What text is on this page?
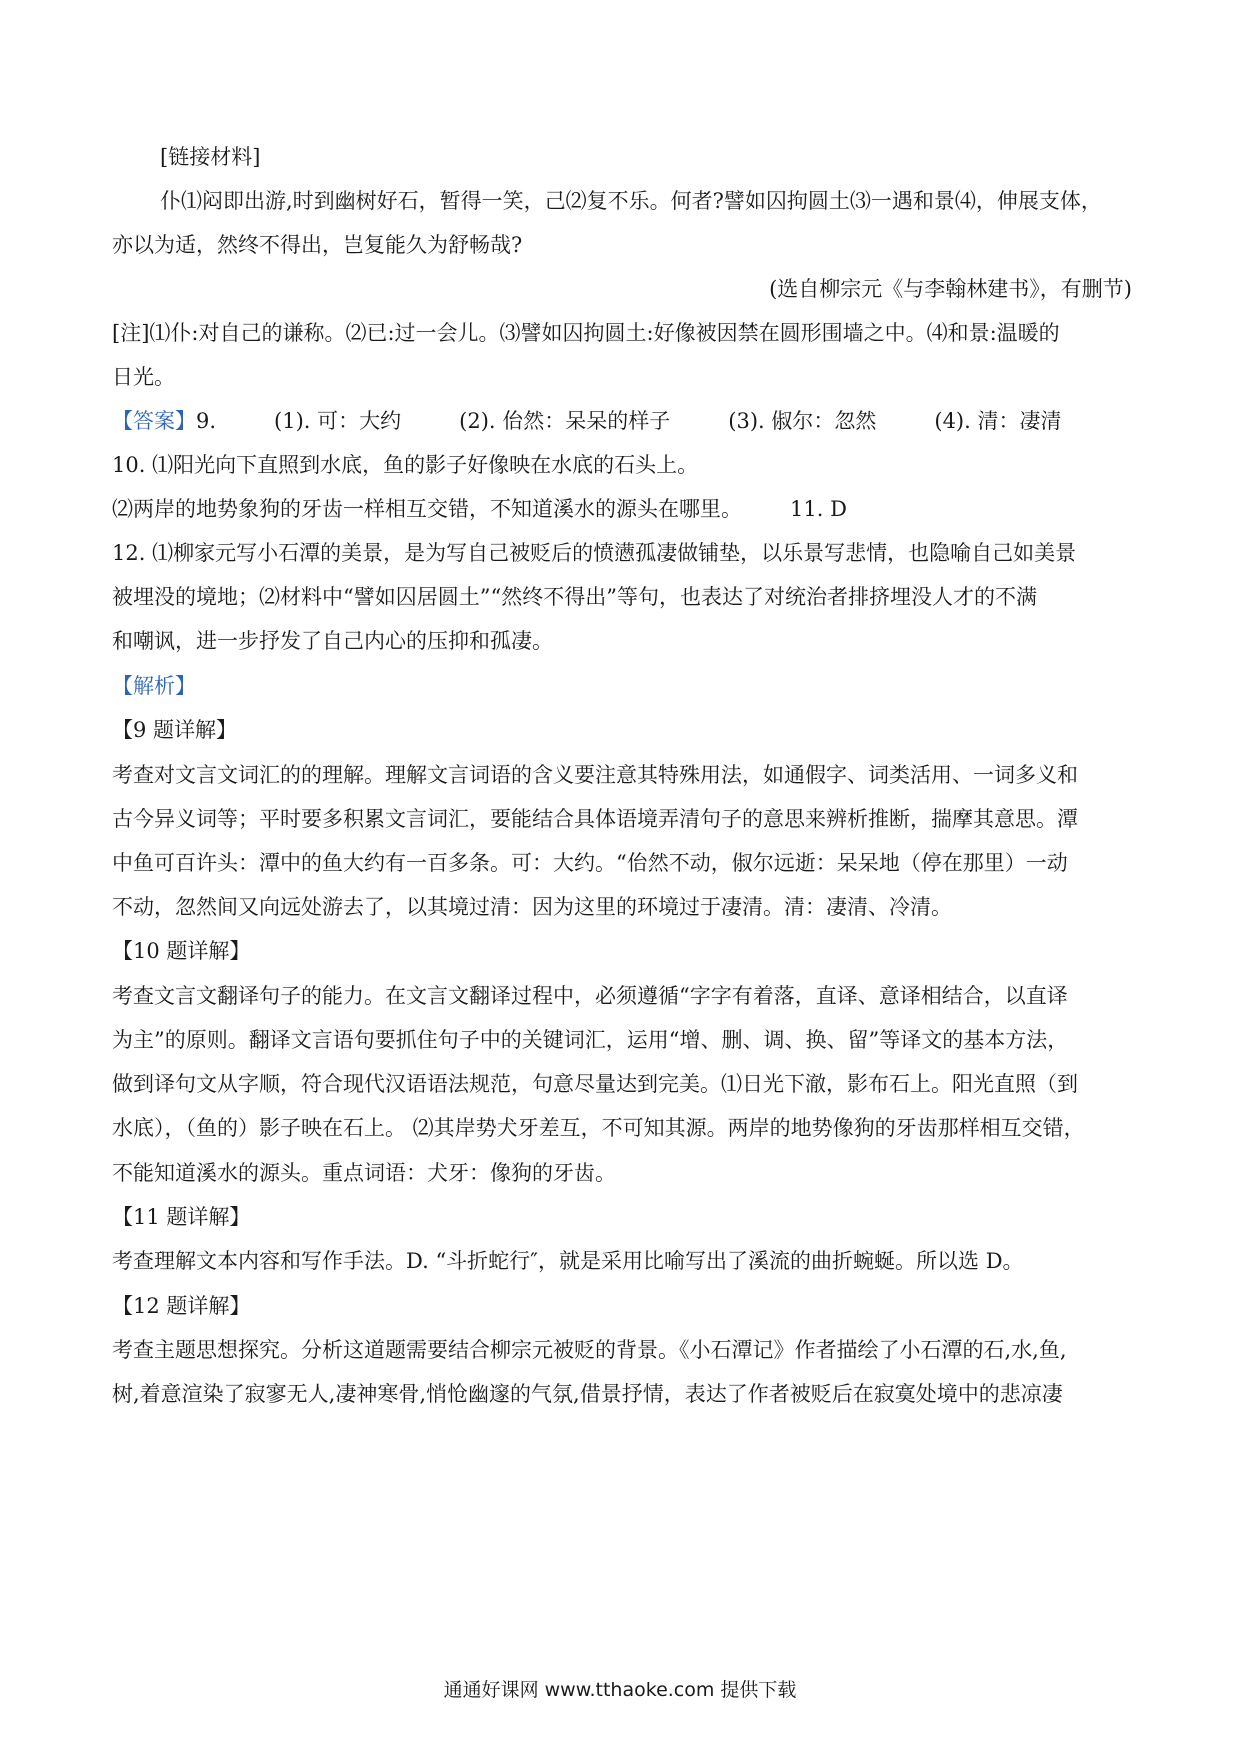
[链接材料]
仆⑴闷即出游,时到幽树好石，暂得一笑，己⑵复不乐。何者?譬如囚拘圆土⑶一遇和景⑷，伸展支体，
亦以为适，然终不得出，岂复能久为舒畅哉?
(选自柳宗元《与李翰林建书》，有删节)
[注]⑴仆:对自己的谦称。⑵已:过一会儿。⑶譬如囚拘圆土:好像被因禁在圆形围墙之中。⑷和景:温暖的
日光。
【答案】9.	(1). 可：大约	(2). 佁然：呆呆的样子	(3). 俶尔：忽然	(4). 清：凄清
10. ⑴阳光向下直照到水底，鱼的影子好像映在水底的石头上。
⑵两岸的地势象狗的牙齿一样相互交错，不知道溪水的源头在哪里。 11. D
12. ⑴柳家元写小石潭的美景，是为写自己被贬后的愤懑孤凄做铺垫，以乐景写悲情，也隐喻自己如美景
被埋没的境地；⑵材料中“譬如囚居圆土”“然终不得出”等句，也表达了对统治者排挤埋没人才的不满
和嘲讽，进一步抒发了自己内心的压抑和孤凄。
【解析】
【9 题详解】
考查对文言文词汇的的理解。理解文言词语的含义要注意其特殊用法，如通假字、词类活用、一词多义和
古今异义词等；平时要多积累文言词汇，要能结合具体语境弄清句子的意思来辨析推断，揣摩其意思。潭
中鱼可百许头：潭中的鱼大约有一百多条。可：大约。“佁然不动，俶尔远逝：呆呆地（停在那里）一动
不动，忽然间又向远处游去了，以其境过清：因为这里的环境过于凄清。清：凄清、冷清。
【10 题详解】
考查文言文翻译句子的能力。在文言文翻译过程中，必须遵循“字字有着落，直译、意译相结合，以直译
为主”的原则。翻译文言语句要抓住句子中的关键词汇，运用“增、删、调、换、留”等译文的基本方法，
做到译句文从字顺，符合现代汉语语法规范，句意尽量达到完美。⑴日光下澈，影布石上。阳光直照（到
水底），（鱼的）影子映在石上。 ⑵其岸势犬牙差互，不可知其源。两岸的地势像狗的牙齿那样相互交错，
不能知道溪水的源头。重点词语：犬牙：像狗的牙齿。
【11 题详解】
考查理解文本内容和写作手法。D. “斗折蛇行″，就是采用比喻写出了溪流的曲折蜿蜒。所以选 D。
【12 题详解】
考查主题思想探究。分析这道题需要结合柳宗元被贬的背景。《小石潭记》作者描绘了小石潭的石,水,鱼,
树,着意渲染了寂寥无人,凄神寒骨,悄怆幽邃的气氛,借景抒情，表达了作者被贬后在寂寞处境中的悲凉凄
通通好课网 www.tthaoke.com 提供下载
